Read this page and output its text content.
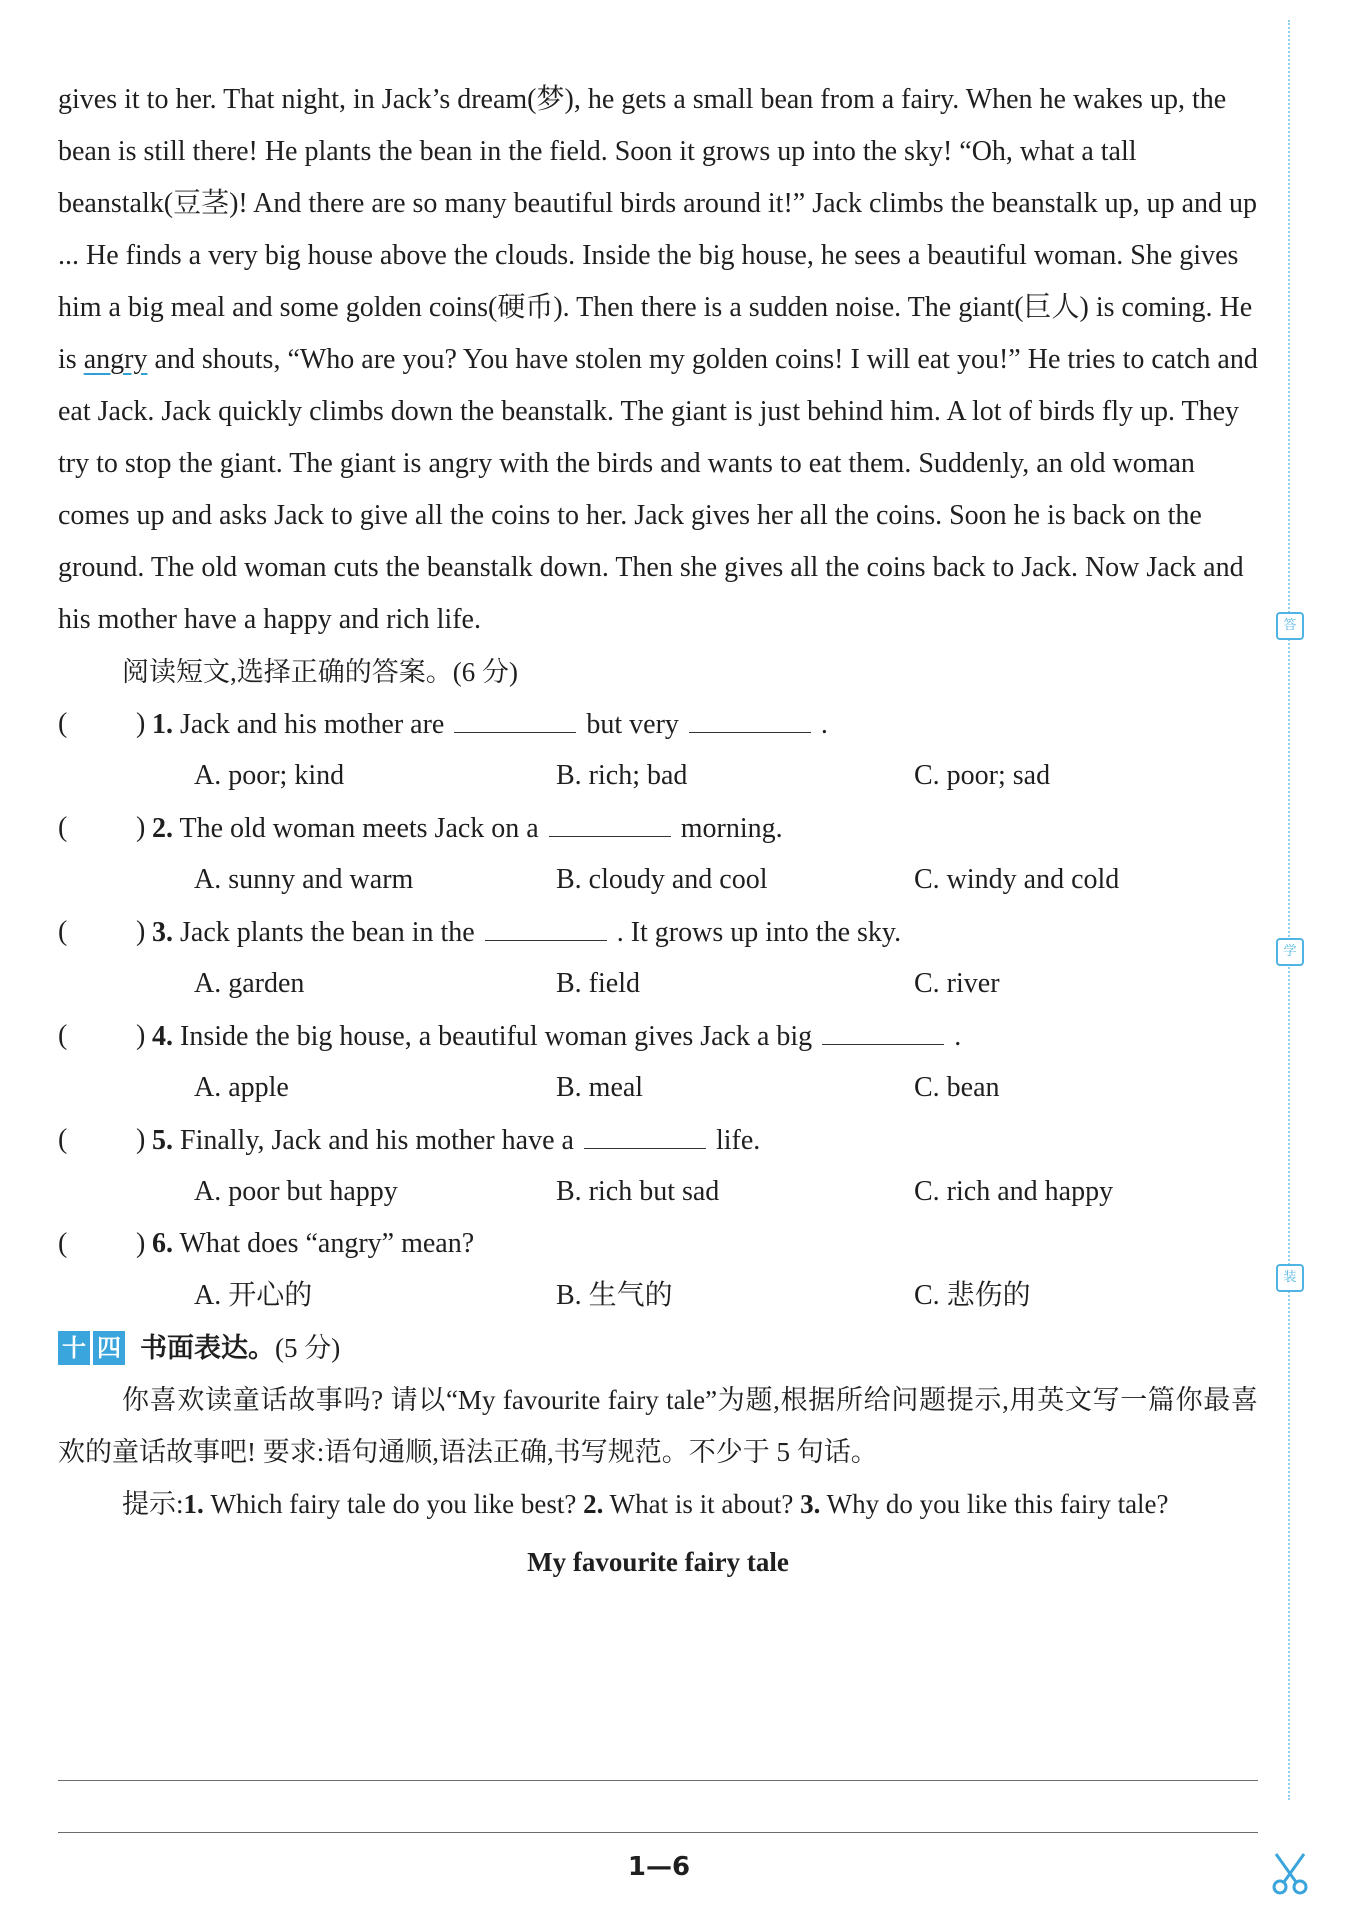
答
学
装

gives it to her. That night, in Jack’s dream(梦), he gets a small bean from a fairy. When he wakes up, the bean is still there! He plants the bean in the field. Soon it grows up into the sky! “Oh, what a tall beanstalk(豆茎)! And there are so many beautiful birds around it!” Jack climbs the beanstalk up, up and up ... He finds a very big house above the clouds. Inside the big house, he sees a beautiful woman. She gives him a big meal and some golden coins(硬币). Then there is a sudden noise. The giant(巨人) is coming. He is angry and shouts, “Who are you? You have stolen my golden coins! I will eat you!” He tries to catch and eat Jack. Jack quickly climbs down the beanstalk. The giant is just behind him. A lot of birds fly up. They try to stop the giant. The giant is angry with the birds and wants to eat them. Suddenly, an old woman comes up and asks Jack to give all the coins to her. Jack gives her all the coins. Soon he is back on the ground. The old woman cuts the beanstalk down. Then she gives all the coins back to Jack. Now Jack and his mother have a happy and rich life.

阅读短文,选择正确的答案。(6 分)

( ) 1. Jack and his mother are	but very	.
A. poor; kind	B. rich; bad	C. poor; sad
( ) 2. The old woman meets Jack on a	morning.
A. sunny and warm	B. cloudy and cool	C. windy and cold
( ) 3. Jack plants the bean in the	. It grows up into the sky.
A. garden	B. field	C. river
( ) 4. Inside the big house, a beautiful woman gives Jack a big	.
A. apple	B. meal	C. bean
( ) 5. Finally, Jack and his mother have a	life.
A. poor but happy	B. rich but sad	C. rich and happy
( ) 6. What does “angry” mean?
A. 开心的	B. 生气的	C. 悲伤的
十 四 书面表达。(5 分)

你喜欢读童话故事吗? 请以“My favourite fairy tale”为题,根据所给问题提示,用英文写一篇你最喜欢的童话故事吧! 要求:语句通顺,语法正确,书写规范。不少于 5 句话。

提示:1. Which fairy tale do you like best? 2. What is it about? 3. Why do you like this fairy tale?

My favourite fairy tale
1—6
